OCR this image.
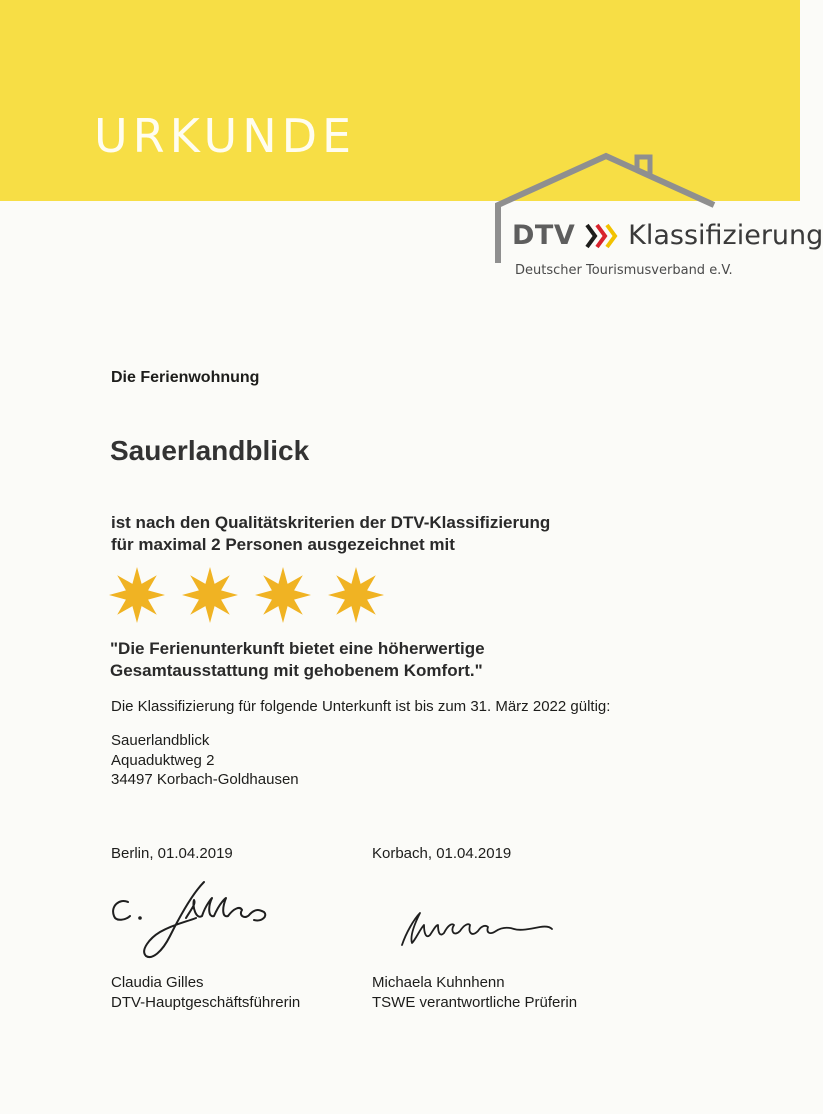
URKUNDE
DTV Klassifizierung
Deutscher Tourismusverband e.V.
Die Ferienwohnung
Sauerlandblick
ist nach den Qualitätskriterien der DTV-Klassifizierung
für maximal 2 Personen ausgezeichnet mit
"Die Ferienunterkunft bietet eine höherwertige
Gesamtausstattung mit gehobenem Komfort."
Die Klassifizierung für folgende Unterkunft ist bis zum 31. März 2022 gültig:
Sauerlandblick
Aquaduktweg 2
34497 Korbach-Goldhausen
Berlin, 01.04.2019	Korbach, 01.04.2019
Claudia Gilles
DTV-Hauptgeschäftsführerin
Michaela Kuhnhenn
TSWE verantwortliche Prüferin
